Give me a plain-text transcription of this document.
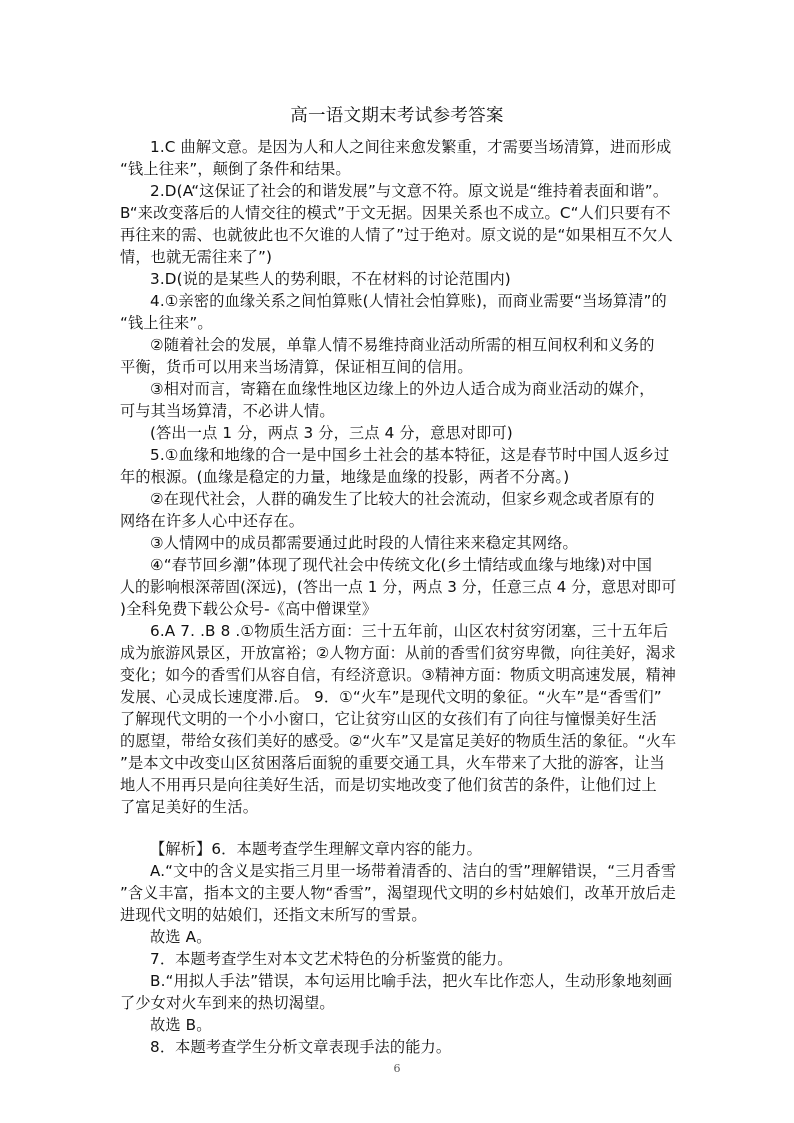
高一语文期末考试参考答案
1.C 曲解文意。是因为人和人之间往来愈发繁重，才需要当场清算，进而形成
“钱上往来”，颠倒了条件和结果。
2.D(A“这保证了社会的和谐发展”与文意不符。原文说是“维持着表面和谐”。
B“来改变落后的人情交往的模式”于文无据。因果关系也不成立。C“人们只要有不
再往来的需、也就彼此也不欠谁的人情了”过于绝对。原文说的是“如果相互不欠人
情，也就无需往来了”)
3.D(说的是某些人的势利眼，不在材料的讨论范围内)
4.①亲密的血缘关系之间怕算账(人情社会怕算账)，而商业需要“当场算清”的
“钱上往来”。
②随着社会的发展，单靠人情不易维持商业活动所需的相互间权利和义务的
平衡，货币可以用来当场清算，保证相互间的信用。
③相对而言，寄籍在血缘性地区边缘上的外边人适合成为商业活动的媒介，
可与其当场算清，不必讲人情。
(答出一点 1 分，两点 3 分，三点 4 分，意思对即可)
5.①血缘和地缘的合一是中国乡土社会的基本特征，这是春节时中国人返乡过
年的根源。(血缘是稳定的力量，地缘是血缘的投影，两者不分离。)
②在现代社会，人群的确发生了比较大的社会流动，但家乡观念或者原有的
网络在许多人心中还存在。
③人情网中的成员都需要通过此时段的人情往来来稳定其网络。
④“春节回乡潮”体现了现代社会中传统文化(乡土情结或血缘与地缘)对中国
人的影响根深蒂固(深远)，(答出一点 1 分，两点 3 分，任意三点 4 分，意思对即可
)全科免费下载公众号-《高中僧课堂》
6.A 7. .B 8 .①物质生活方面：三十五年前，山区农村贫穷闭塞，三十五年后
成为旅游风景区，开放富裕；②人物方面：从前的香雪们贫穷卑微，向往美好，渴求
变化；如今的香雪们从容自信，有经济意识。③精神方面：物质文明高速发展，精神
发展、心灵成长速度滞.后。 9．①“火车”是现代文明的象征。“火车”是“香雪们”
了解现代文明的一个小小窗口，它让贫穷山区的女孩们有了向往与憧憬美好生活
的愿望，带给女孩们美好的感受。②“火车”又是富足美好的物质生活的象征。“火车
”是本文中改变山区贫困落后面貌的重要交通工具，火车带来了大批的游客，让当
地人不用再只是向往美好生活，而是切实地改变了他们贫苦的条件，让他们过上
了富足美好的生活。
【解析】6．本题考查学生理解文章内容的能力。
A.“文中的含义是实指三月里一场带着清香的、洁白的雪”理解错误，“三月香雪
”含义丰富，指本文的主要人物“香雪”，渴望现代文明的乡村姑娘们，改革开放后走
进现代文明的姑娘们，还指文末所写的雪景。
故选 A。
7．本题考查学生对本文艺术特色的分析鉴赏的能力。
B.“用拟人手法”错误，本句运用比喻手法，把火车比作恋人，生动形象地刻画
了少女对火车到来的热切渴望。
故选 B。
8．本题考查学生分析文章表现手法的能力。
6
